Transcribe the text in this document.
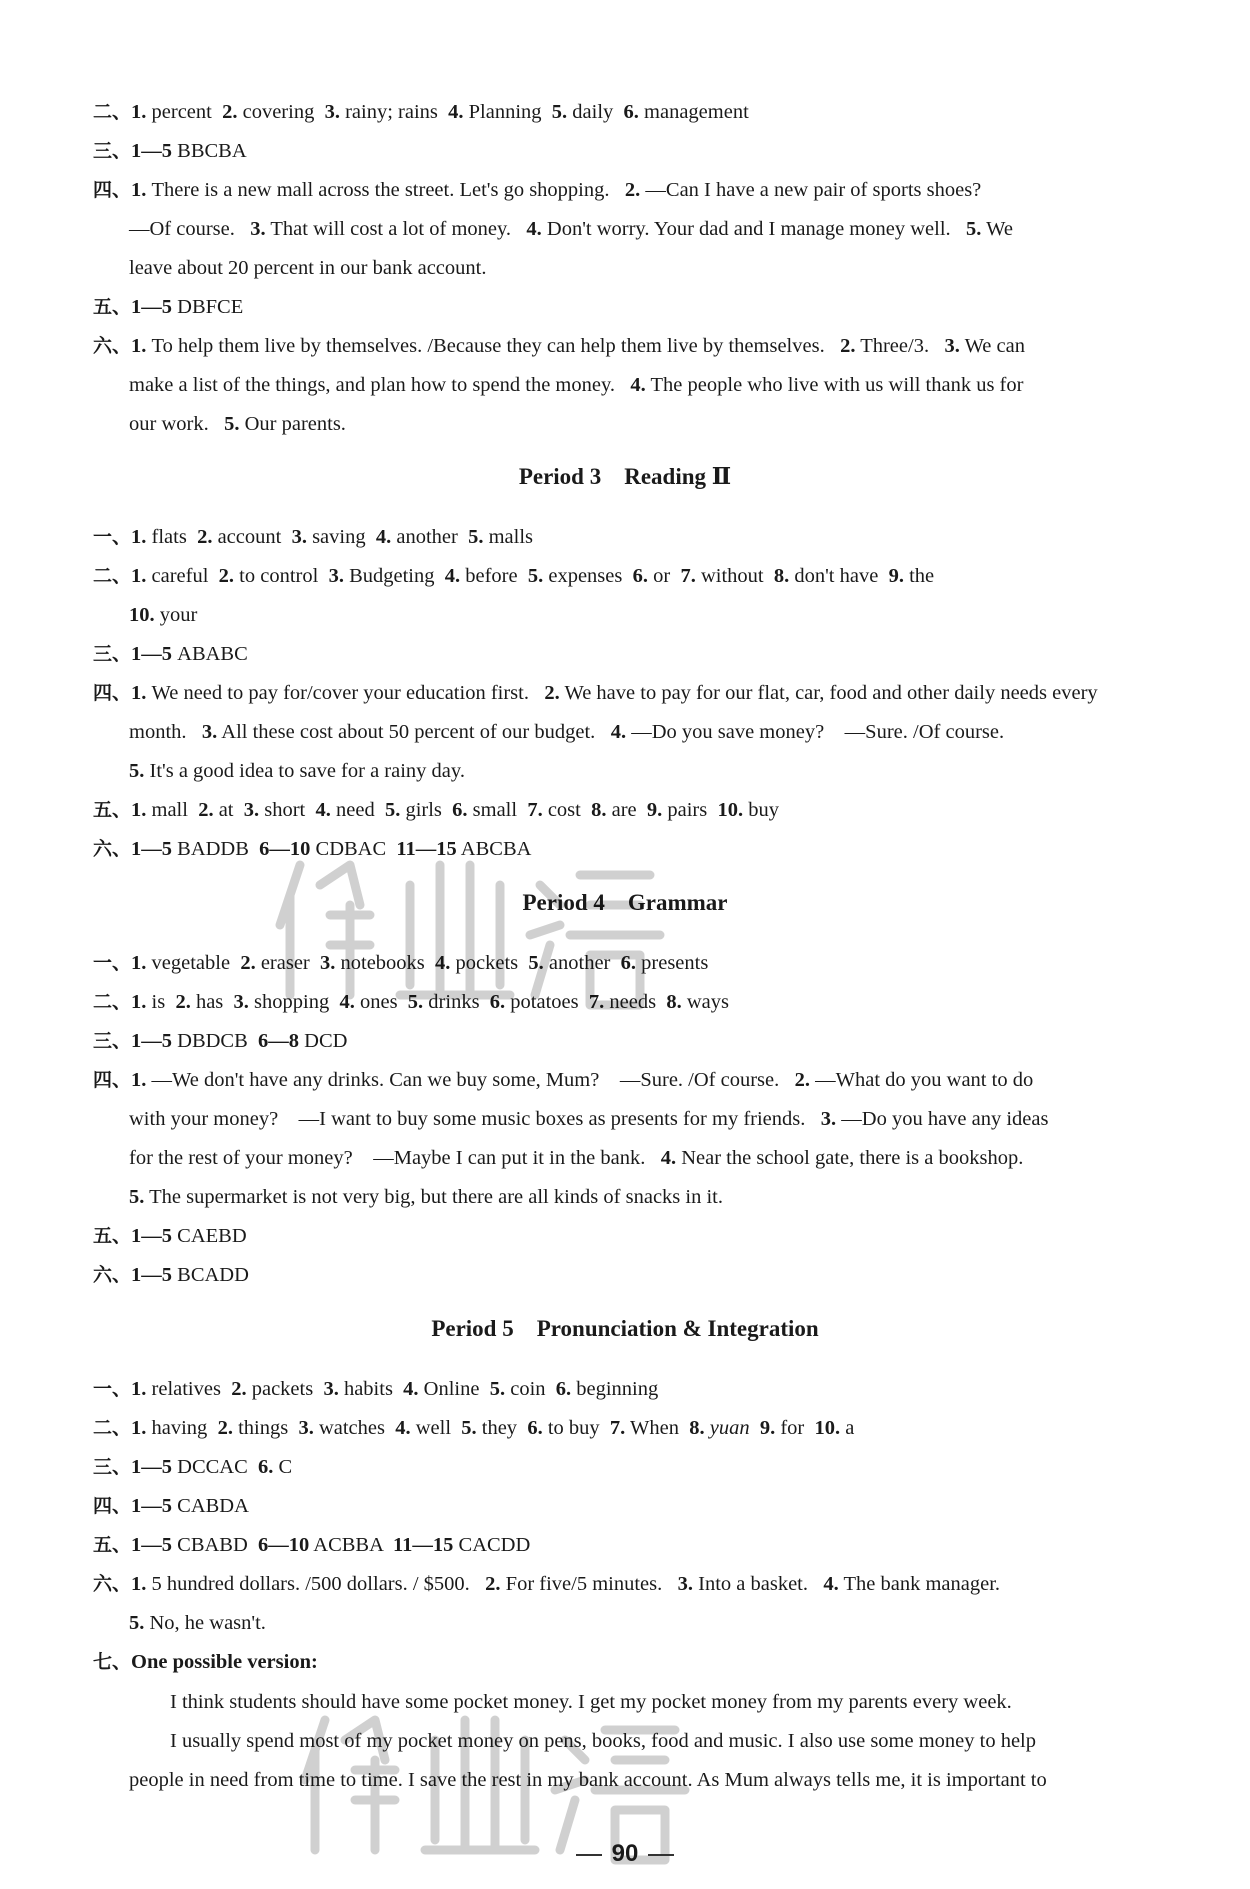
二、1. percent  2. covering  3. rainy; rains  4. Planning  5. daily  6. management
三、1—5 BBCBA
四、1. There is a new mall across the street. Let's go shopping.   2. —Can I have a new pair of sports shoes?
—Of course.   3. That will cost a lot of money.   4. Don't worry. Your dad and I manage money well.   5. We
leave about 20 percent in our bank account.
五、1—5 DBFCE
六、1. To help them live by themselves. /Because they can help them live by themselves.   2. Three/3.   3. We can
make a list of the things, and plan how to spend the money.   4. The people who live with us will thank us for
our work.   5. Our parents.
一、1. flats  2. account  3. saving  4. another  5. malls
二、1. careful  2. to control  3. Budgeting  4. before  5. expenses  6. or  7. without  8. don't have  9. the
10. your
三、1—5 ABABC
四、1. We need to pay for/cover your education first.   2. We have to pay for our flat, car, food and other daily needs every
month.   3. All these cost about 50 percent of our budget.   4. —Do you save money?    —Sure. /Of course.
5. It's a good idea to save for a rainy day.
五、1. mall  2. at  3. short  4. need  5. girls  6. small  7. cost  8. are  9. pairs  10. buy
六、1—5 BADDB  6—10 CDBAC  11—15 ABCBA
一、1. vegetable  2. eraser  3. notebooks  4. pockets  5. another  6. presents
二、1. is  2. has  3. shopping  4. ones  5. drinks  6. potatoes  7. needs  8. ways
三、1—5 DBDCB  6—8 DCD
四、1. —We don't have any drinks. Can we buy some, Mum?    —Sure. /Of course.   2. —What do you want to do
with your money?    —I want to buy some music boxes as presents for my friends.   3. —Do you have any ideas
for the rest of your money?    —Maybe I can put it in the bank.   4. Near the school gate, there is a bookshop.
5. The supermarket is not very big, but there are all kinds of snacks in it.
五、1—5 CAEBD
六、1—5 BCADD
一、1. relatives  2. packets  3. habits  4. Online  5. coin  6. beginning
二、1. having  2. things  3. watches  4. well  5. they  6. to buy  7. When  8. yuan  9. for  10. a
三、1—5 DCCAC  6. C
四、1—5 CABDA
五、1—5 CBABD  6—10 ACBBA  11—15 CACDD
六、1. 5 hundred dollars. /500 dollars. / $500.   2. For five/5 minutes.   3. Into a basket.   4. The bank manager.
5. No, he wasn't.
七、One possible version:
Period 3    Reading Ⅱ
Period 4    Grammar
Period 5    Pronunciation & Integration
I think students should have some pocket money. I get my pocket money from my parents every week.
I usually spend most of my pocket money on pens, books, food and music. I also use some money to help
people in need from time to time. I save the rest in my bank account. As Mum always tells me, it is important to
90
